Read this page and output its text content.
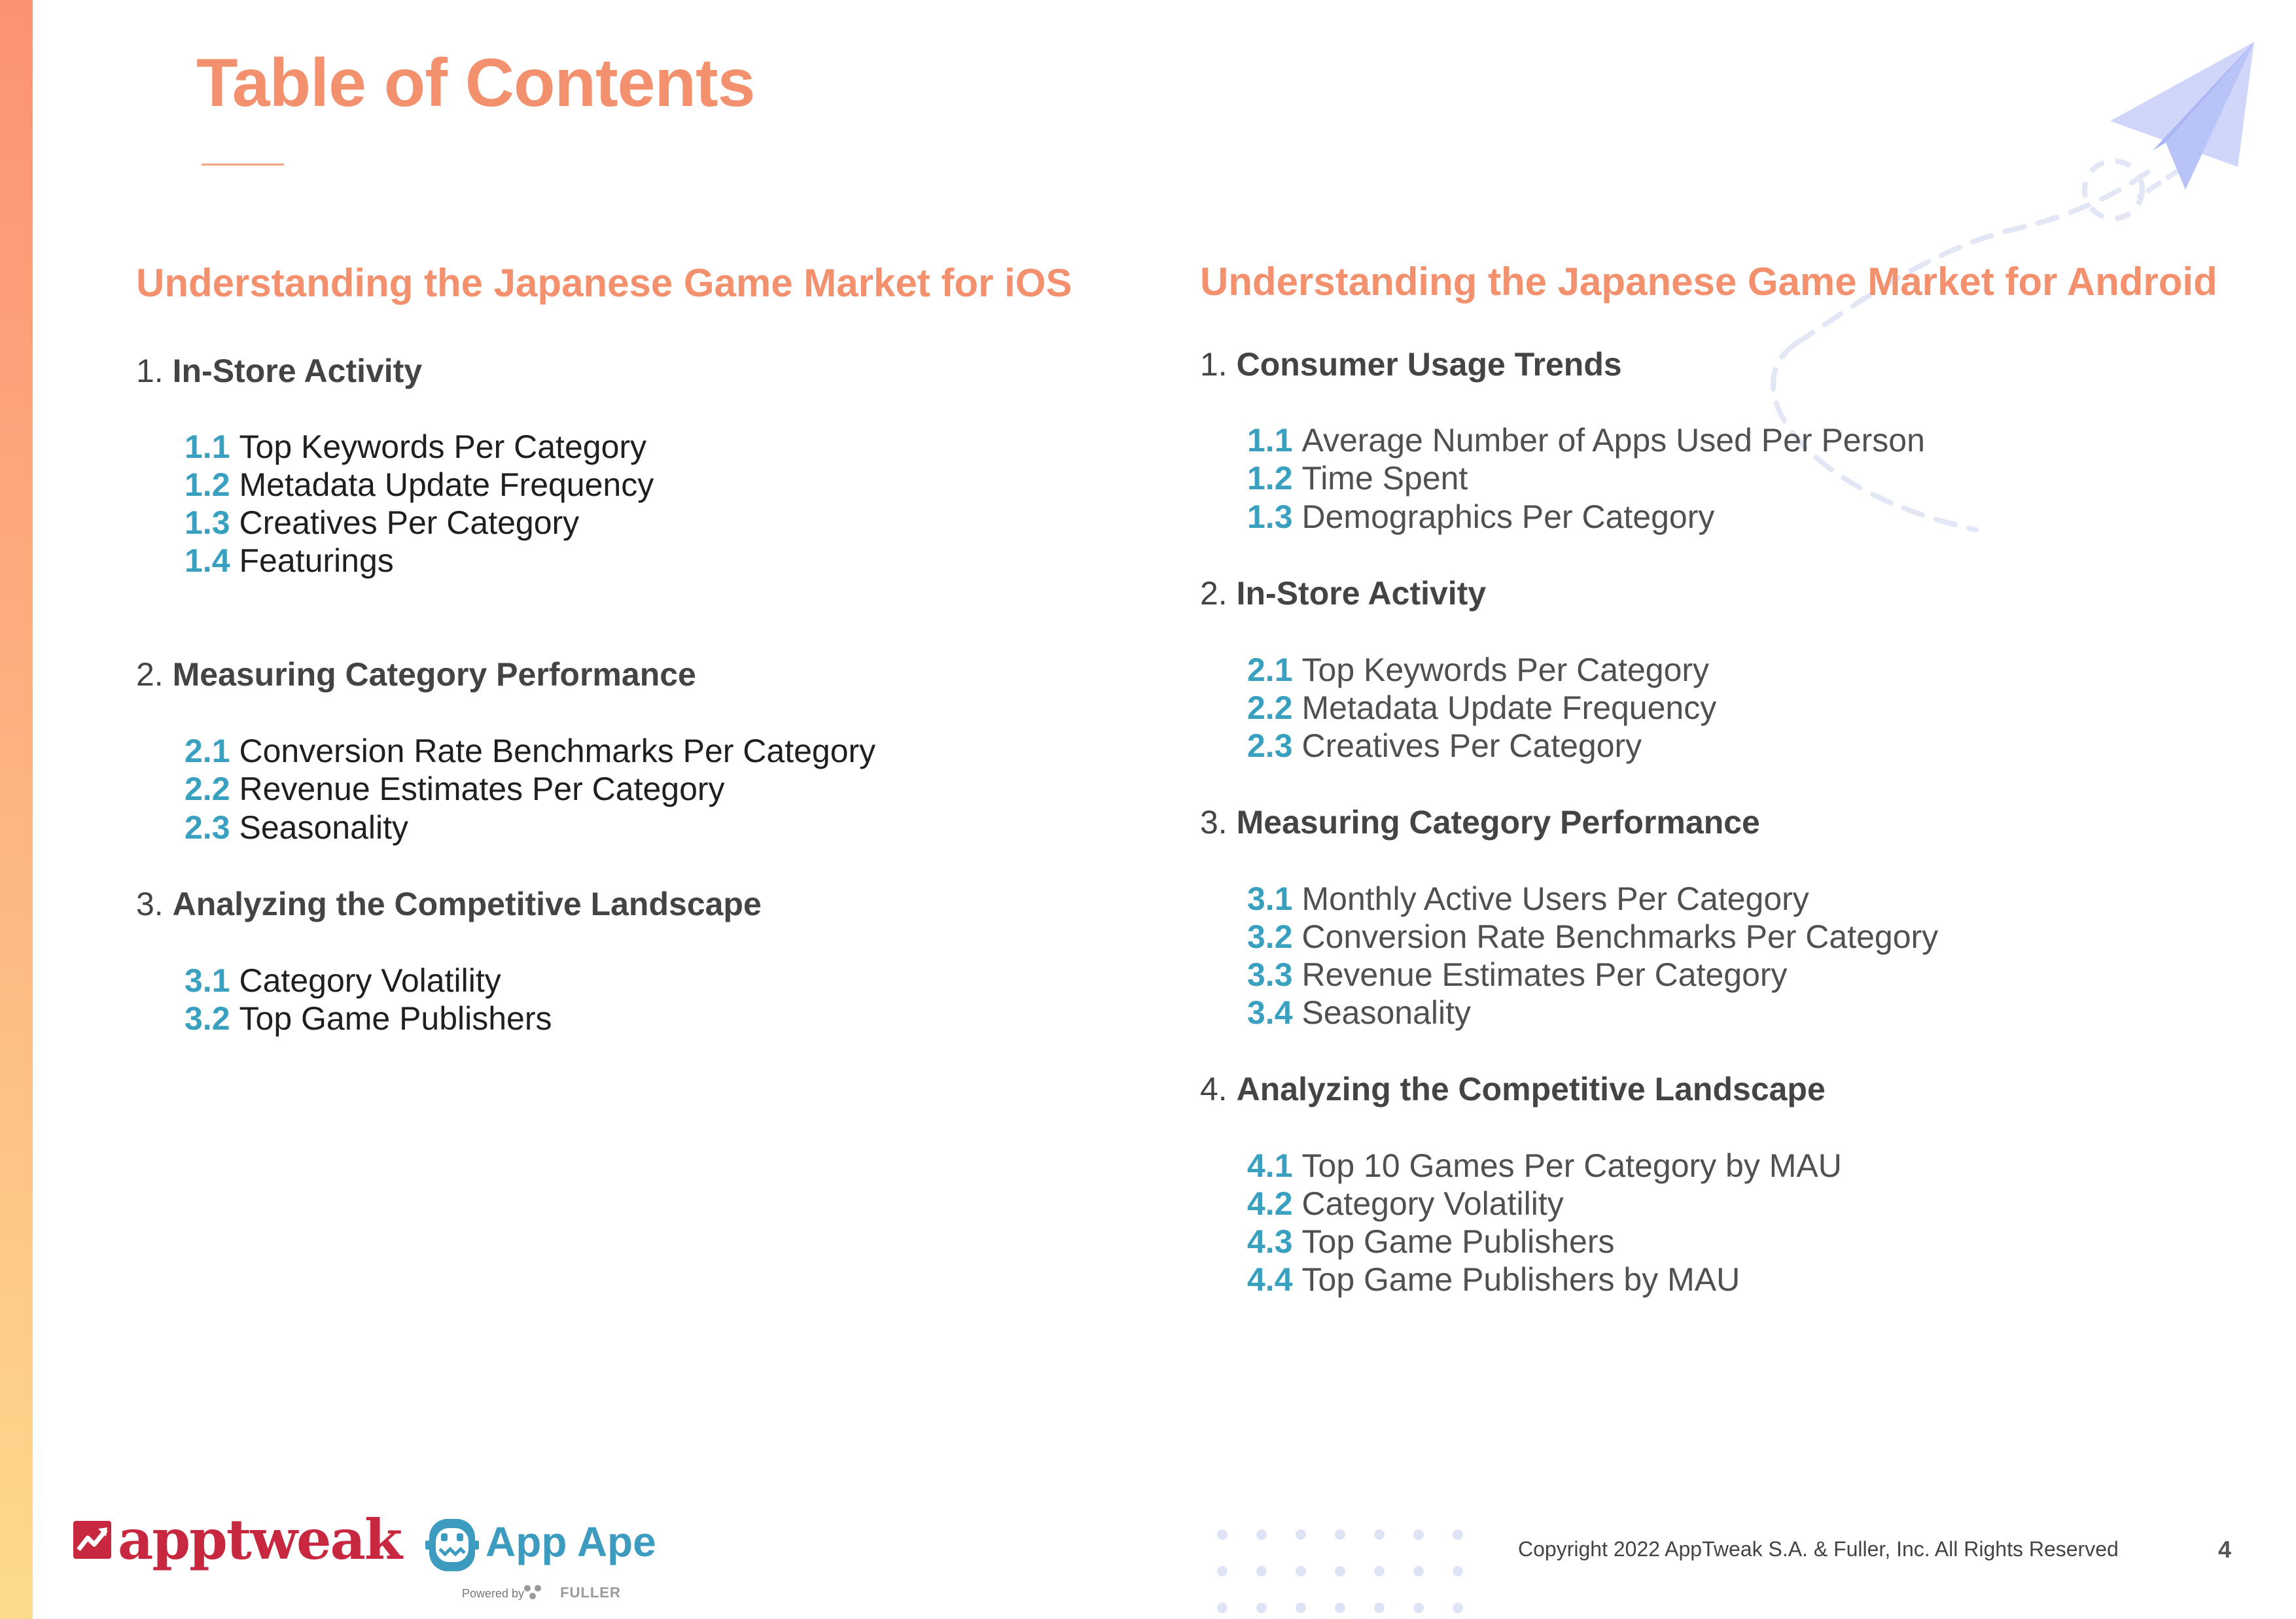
Table of Contents
Understanding the Japanese Game Market for iOS
1. In-Store Activity
1.1 Top Keywords Per Category
1.2 Metadata Update Frequency
1.3 Creatives Per Category
1.4 Featurings
2. Measuring Category Performance
2.1 Conversion Rate Benchmarks Per Category
2.2 Revenue Estimates Per Category
2.3 Seasonality
3. Analyzing the Competitive Landscape
3.1 Category Volatility
3.2 Top Game Publishers
Understanding the Japanese Game Market for Android
1. Consumer Usage Trends
1.1 Average Number of Apps Used Per Person
1.2 Time Spent
1.3 Demographics Per Category
2. In-Store Activity
2.1 Top Keywords Per Category
2.2 Metadata Update Frequency
2.3 Creatives Per Category
3. Measuring Category Performance
3.1 Monthly Active Users Per Category
3.2 Conversion Rate Benchmarks Per Category
3.3 Revenue Estimates Per Category
3.4 Seasonality
4. Analyzing the Competitive Landscape
4.1 Top 10 Games Per Category by MAU
4.2 Category Volatility
4.3 Top Game Publishers
4.4 Top Game Publishers by MAU
apptweak App Ape
Powered by	FULLER
Copyright 2022 AppTweak S.A. & Fuller, Inc. All Rights Reserved	4
